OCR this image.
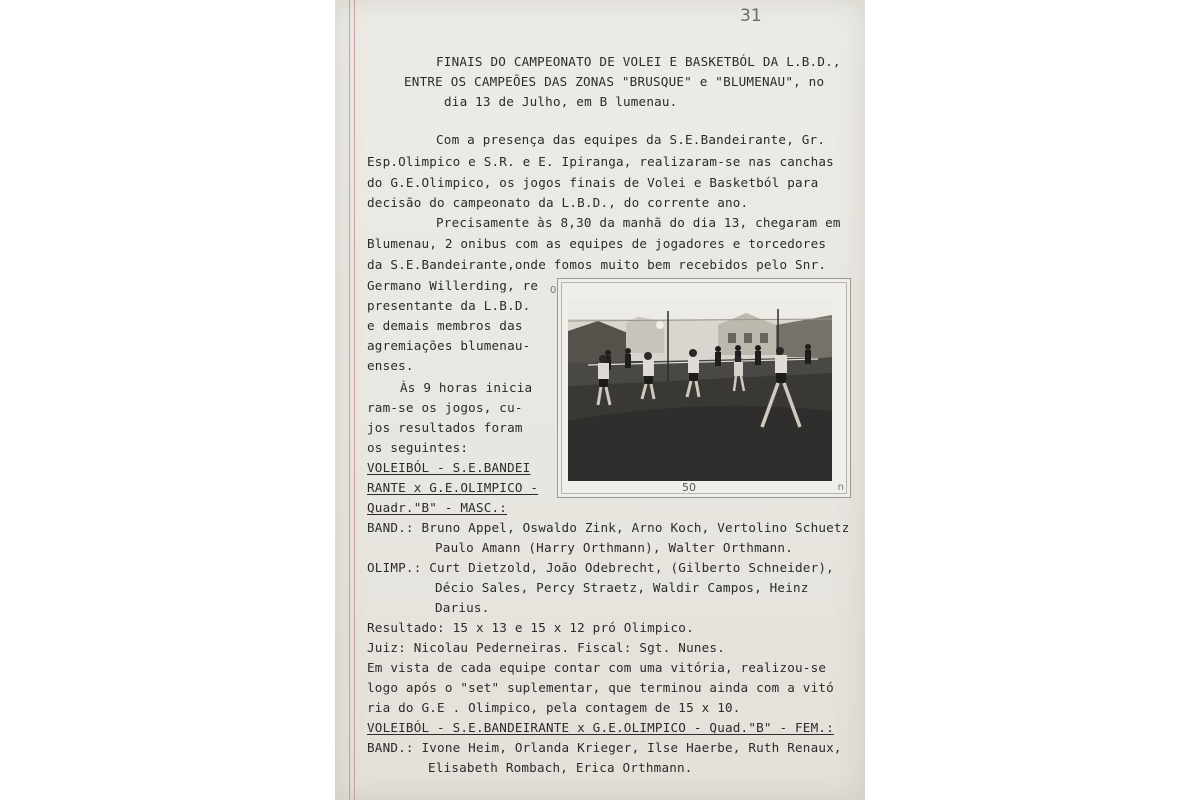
31
FINAIS DO CAMPEONATO DE VOLEI E BASKETBÓL DA L.B.D.,
ENTRE OS CAMPEÕES DAS ZONAS "BRUSQUE" e "BLUMENAU", no
dia 13 de Julho, em B lumenau.
Com a presença das equipes da S.E.Bandeirante, Gr.
Esp.Olimpico e S.R. e E. Ipiranga, realizaram-se nas canchas
do G.E.Olimpico, os jogos finais de Volei e Basketból para
decisão do campeonato da L.B.D., do corrente ano.
Precisamente às 8,30 da manhã do dia 13, chegaram em
Blumenau, 2 onibus com as equipes de jogadores e torcedores
da S.E.Bandeirante,onde fomos muito bem recebidos pelo Snr.
Germano Willerding, re
presentante da L.B.D.
e demais membros das
agremiações blumenau-
enses.
Às 9 horas inicia
ram-se os jogos, cu-
jos resultados foram
os seguintes:
VOLEIBÓL - S.E.BANDEI
RANTE x G.E.OLIMPICO -
Quadr."B" - MASC.:
BAND.: Bruno Appel, Oswaldo Zink, Arno Koch, Vertolino Schuetz
Paulo Amann (Harry Orthmann), Walter Orthmann.
OLIMP.: Curt Dietzold, João Odebrecht, (Gilberto Schneider),
Décio Sales, Percy Straetz, Waldir Campos, Heinz
Darius.
Resultado: 15 x 13 e 15 x 12 pró Olimpico.
Juiz: Nicolau Pederneiras. Fiscal: Sgt. Nunes.
Em vista de cada equipe contar com uma vitória, realizou-se
logo após o "set" suplementar, que terminou ainda com a vitó
ria do G.E . Olimpico, pela contagem de 15 x 10.
VOLEIBÓL - S.E.BANDEIRANTE x G.E.OLIMPICO - Quad."B" - FEM.:
BAND.: Ivone Heim, Orlanda Krieger, Ilse Haerbe, Ruth Renaux,
Elisabeth Rombach, Erica Orthmann.
0
50	n
